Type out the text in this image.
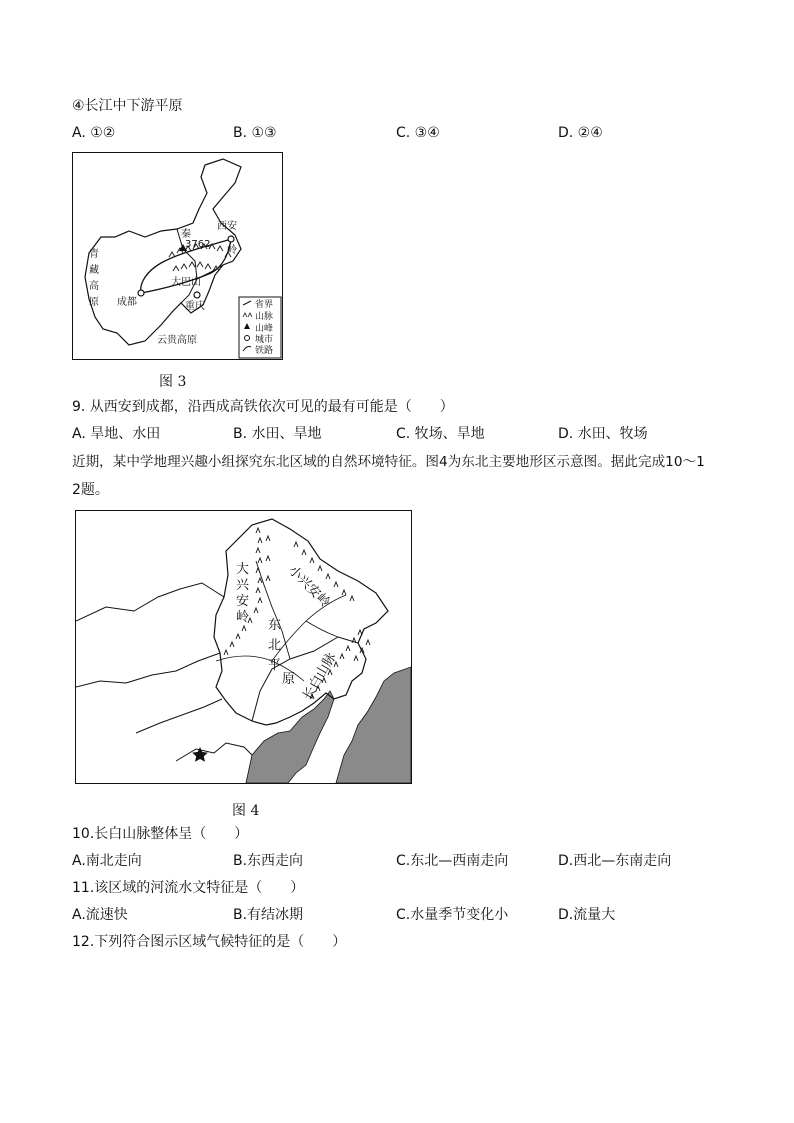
④长江中下游平原
A. ①②	B. ①③	C. ③④	D. ②④
西安
秦
3762
岭
大巴山
成都	重庆
青
藏
高
原
云贵高原
省界
山脉
山峰
城市
铁路
图 3
9. 从西安到成都，沿西成高铁依次可见的最有可能是（　　）
A. 旱地、水田	B. 水田、旱地	C. 牧场、旱地	D. 水田、牧场
近期，某中学地理兴趣小组探究东北区域的自然环境特征。图4为东北主要地形区示意图。据此完成10～1
2题。
大
兴
安
岭
小兴安岭
东
北
平
原 长白山脉
图 4
10.长白山脉整体呈（　　）
A.南北走向	B.东西走向	C.东北—西南走向	D.西北—东南走向
11.该区域的河流水文特征是（　　）
A.流速快	B.有结冰期	C.水量季节变化小	D.流量大
12.下列符合图示区域气候特征的是（　　）
